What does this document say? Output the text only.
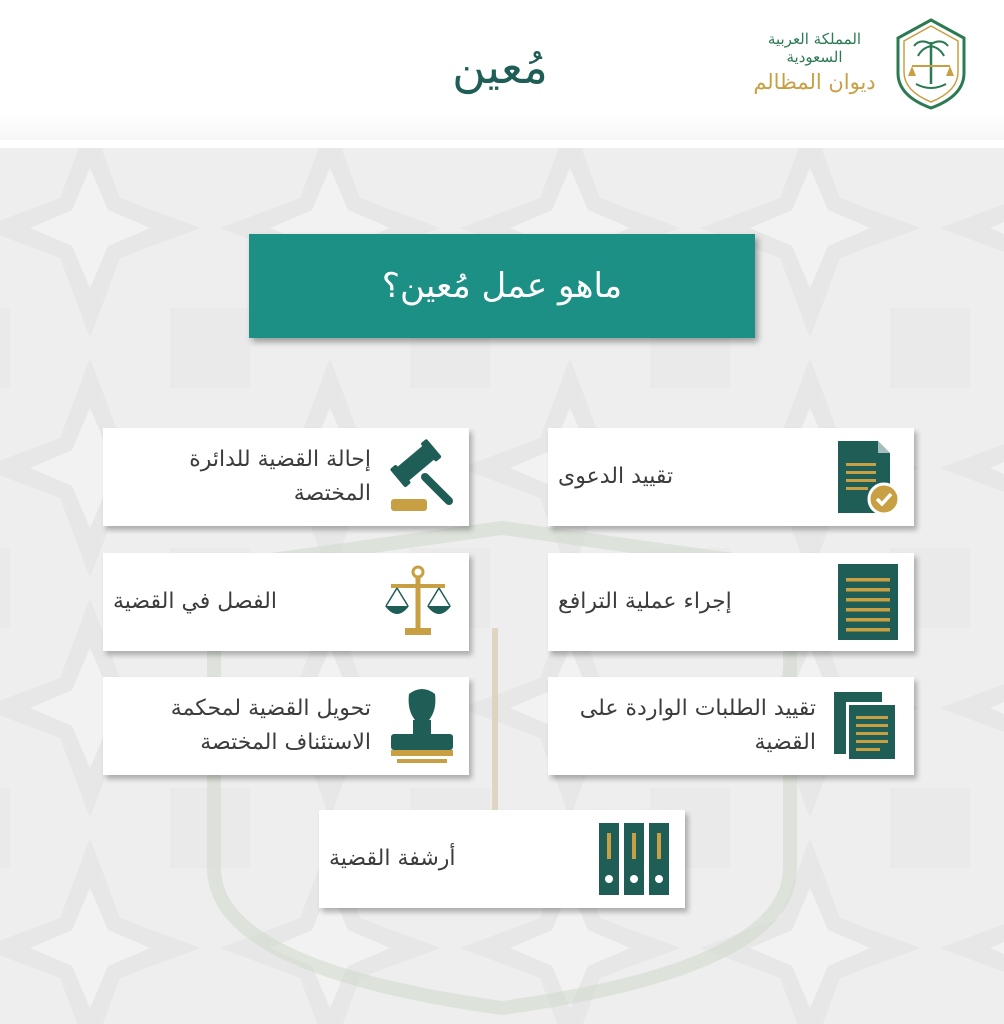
مُعين
المملكة العربية السعودية
ديوان المظالم
ماهو عمل مُعين؟
تقييد الدعوى
إحالة القضية للدائرة المختصة
إجراء عملية الترافع
الفصل في القضية
تقييد الطلبات الواردة على القضية
تحويل القضية لمحكمة الاستئناف المختصة
أرشفة القضية
